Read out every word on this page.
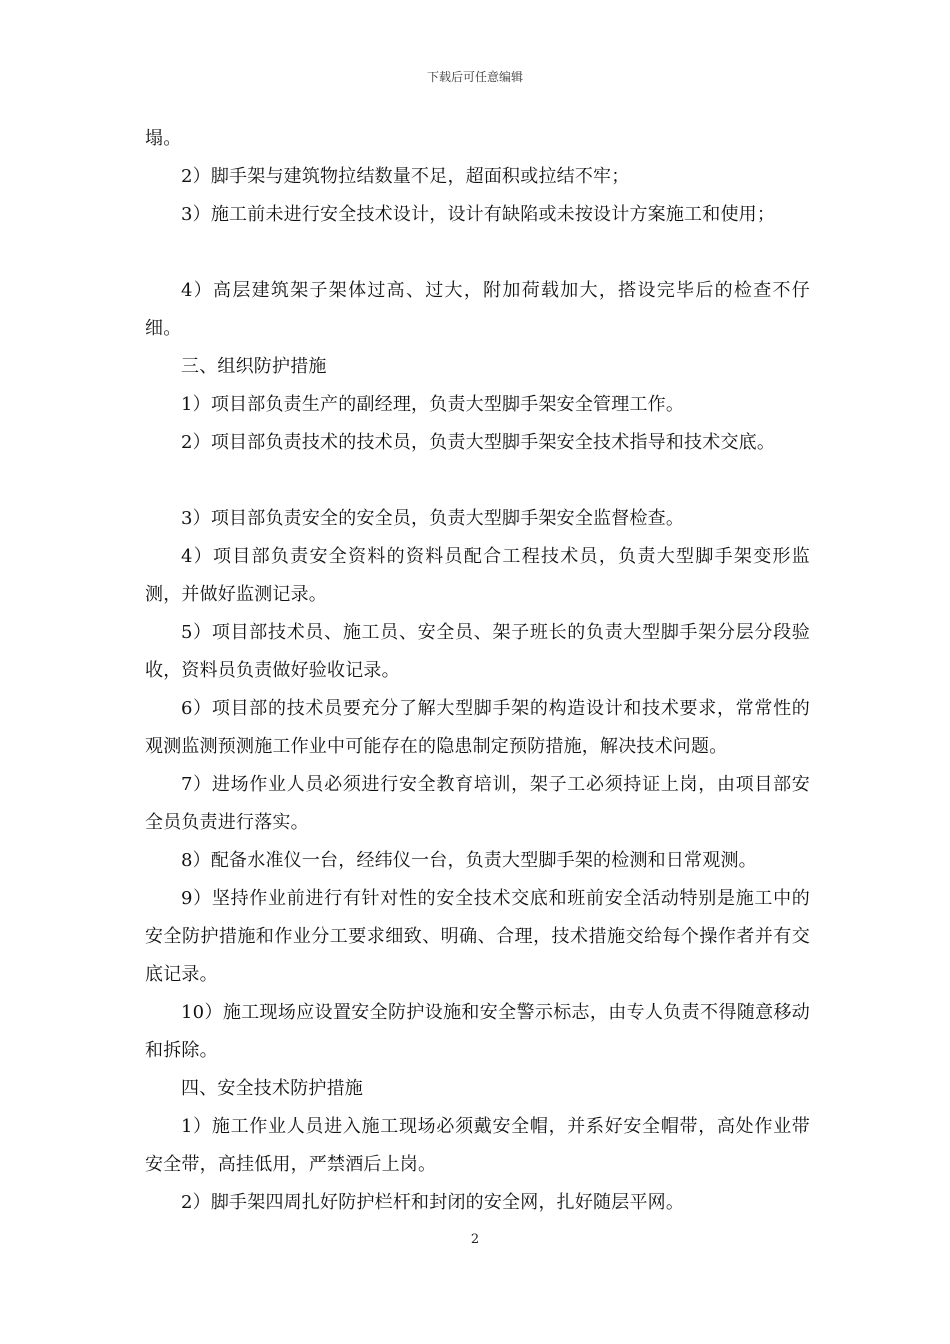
下载后可任意编辑

塌。

2）脚手架与建筑物拉结数量不足，超面积或拉结不牢；

3）施工前未进行安全技术设计，设计有缺陷或未按设计方案施工和使用；

4）高层建筑架子架体过高、过大，附加荷载加大，搭设完毕后的检查不仔细。

三、组织防护措施

1）项目部负责生产的副经理，负责大型脚手架安全管理工作。

2）项目部负责技术的技术员，负责大型脚手架安全技术指导和技术交底。

3）项目部负责安全的安全员，负责大型脚手架安全监督检查。

4）项目部负责安全资料的资料员配合工程技术员，负责大型脚手架变形监测，并做好监测记录。

5）项目部技术员、施工员、安全员、架子班长的负责大型脚手架分层分段验收，资料员负责做好验收记录。

6）项目部的技术员要充分了解大型脚手架的构造设计和技术要求，常常性的观测监测预测施工作业中可能存在的隐患制定预防措施，解决技术问题。

7）进场作业人员必须进行安全教育培训，架子工必须持证上岗，由项目部安全员负责进行落实。

8）配备水准仪一台，经纬仪一台，负责大型脚手架的检测和日常观测。

9）坚持作业前进行有针对性的安全技术交底和班前安全活动特别是施工中的安全防护措施和作业分工要求细致、明确、合理，技术措施交给每个操作者并有交底记录。

10）施工现场应设置安全防护设施和安全警示标志，由专人负责不得随意移动和拆除。

四、安全技术防护措施

1）施工作业人员进入施工现场必须戴安全帽，并系好安全帽带，高处作业带安全带，高挂低用，严禁酒后上岗。

2）脚手架四周扎好防护栏杆和封闭的安全网，扎好随层平网。

2
